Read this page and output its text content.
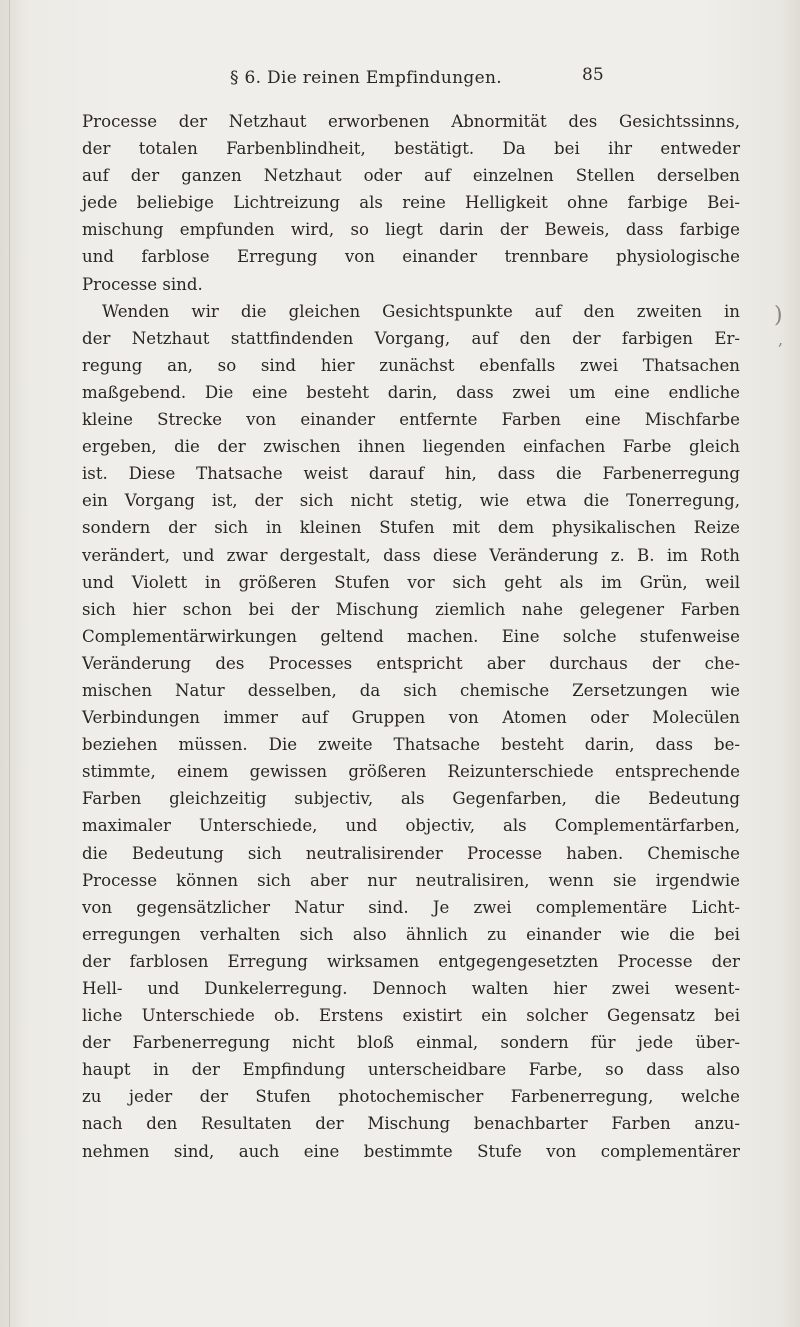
§ 6. Die reinen Empfindungen.	85
Processe der Netzhaut erworbenen Abnormität des Gesichtssinns,
der totalen Farbenblindheit, bestätigt. Da bei ihr entweder
auf der ganzen Netzhaut oder auf einzelnen Stellen derselben
jede beliebige Lichtreizung als reine Helligkeit ohne farbige Bei-
mischung empfunden wird, so liegt darin der Beweis, dass farbige
und farblose Erregung von einander trennbare physiologische
Processe sind.
Wenden wir die gleichen Gesichtspunkte auf den zweiten in
der Netzhaut stattfindenden Vorgang, auf den der farbigen Er-
regung an, so sind hier zunächst ebenfalls zwei Thatsachen
maßgebend. Die eine besteht darin, dass zwei um eine endliche
kleine Strecke von einander entfernte Farben eine Mischfarbe
ergeben, die der zwischen ihnen liegenden einfachen Farbe gleich
ist. Diese Thatsache weist darauf hin, dass die Farbenerregung
ein Vorgang ist, der sich nicht stetig, wie etwa die Tonerregung,
sondern der sich in kleinen Stufen mit dem physikalischen Reize
verändert, und zwar dergestalt, dass diese Veränderung z. B. im Roth
und Violett in größeren Stufen vor sich geht als im Grün, weil
sich hier schon bei der Mischung ziemlich nahe gelegener Farben
Complementärwirkungen geltend machen. Eine solche stufenweise
Veränderung des Processes entspricht aber durchaus der che-
mischen Natur desselben, da sich chemische Zersetzungen wie
Verbindungen immer auf Gruppen von Atomen oder Molecülen
beziehen müssen. Die zweite Thatsache besteht darin, dass be-
stimmte, einem gewissen größeren Reizunterschiede entsprechende
Farben gleichzeitig subjectiv, als Gegenfarben, die Bedeutung
maximaler Unterschiede, und objectiv, als Complementärfarben,
die Bedeutung sich neutralisirender Processe haben. Chemische
Processe können sich aber nur neutralisiren, wenn sie irgendwie
von gegensätzlicher Natur sind. Je zwei complementäre Licht-
erregungen verhalten sich also ähnlich zu einander wie die bei
der farblosen Erregung wirksamen entgegengesetzten Processe der
Hell- und Dunkelerregung. Dennoch walten hier zwei wesent-
liche Unterschiede ob. Erstens existirt ein solcher Gegensatz bei
der Farbenerregung nicht bloß einmal, sondern für jede über-
haupt in der Empfindung unterscheidbare Farbe, so dass also
zu jeder der Stufen photochemischer Farbenerregung, welche
nach den Resultaten der Mischung benachbarter Farben anzu-
nehmen sind, auch eine bestimmte Stufe von complementärer
)
,
